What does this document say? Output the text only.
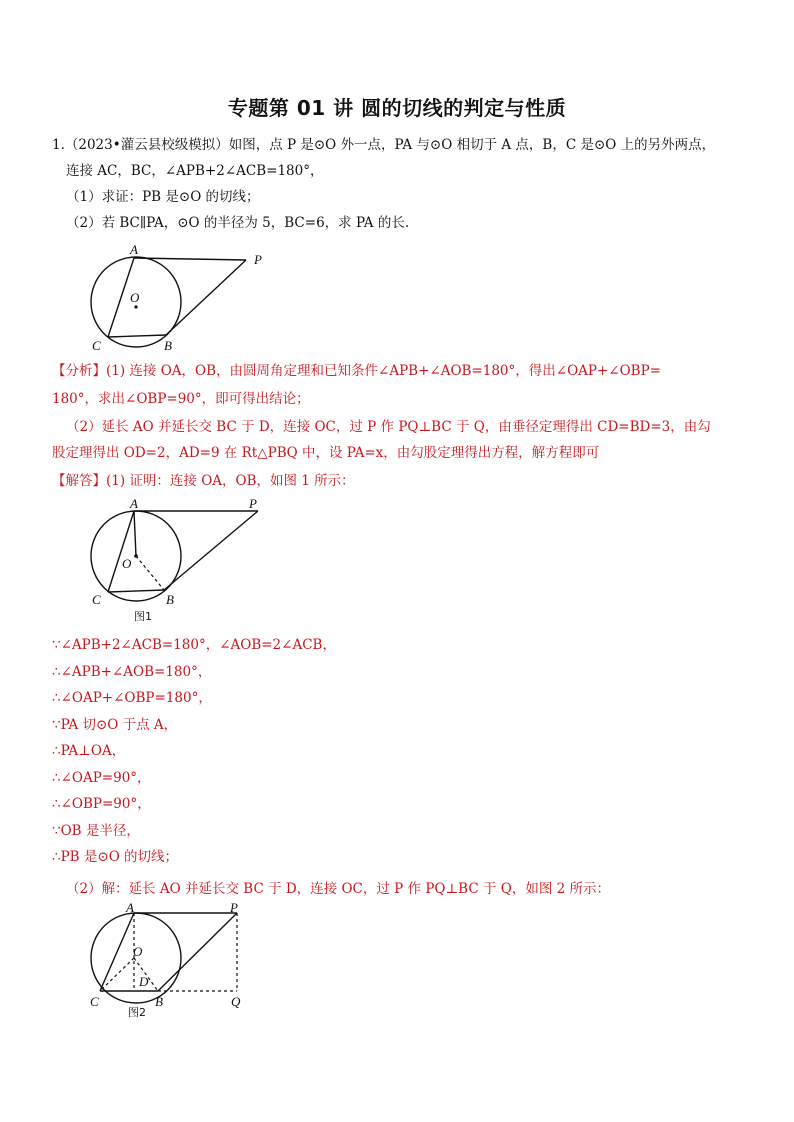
专题第 01 讲 圆的切线的判定与性质
1.（2023•灌云县校级模拟）如图，点 P 是⊙O 外一点，PA 与⊙O 相切于 A 点，B，C 是⊙O 上的另外两点，
连接 AC，BC，∠APB+2∠ACB=180°，
（1）求证：PB 是⊙O 的切线；
（2）若 BC∥PA，⊙O 的半径为 5，BC=6，求 PA 的长.
A
P
O
B
C
【分析】(1) 连接 OA，OB，由圆周角定理和已知条件∠APB+∠AOB=180°，得出∠OAP+∠OBP=
180°，求出∠OBP=90°，即可得出结论；
（2）延长 AO 并延长交 BC 于 D，连接 OC，过 P 作 PQ⊥BC 于 Q，由垂径定理得出 CD=BD=3，由勾
股定理得出 OD=2，AD=9 在 Rt△PBQ 中，设 PA=x，由勾股定理得出方程，解方程即可
【解答】(1) 证明：连接 OA，OB，如图 1 所示：
A	P
O
B
C
图1
∵∠APB+2∠ACB=180°，∠AOB=2∠ACB，
∴∠APB+∠AOB=180°，
∴∠OAP+∠OBP=180°，
∵PA 切⊙O 于点 A，
∴PA⊥OA，
∴∠OAP=90°，
∴∠OBP=90°，
∵OB 是半径，
∴PB 是⊙O 的切线；
（2）解：延长 AO 并延长交 BC 于 D，连接 OC，过 P 作 PQ⊥BC 于 Q，如图 2 所示：
A	P
O
D
B
C	Q
图2
